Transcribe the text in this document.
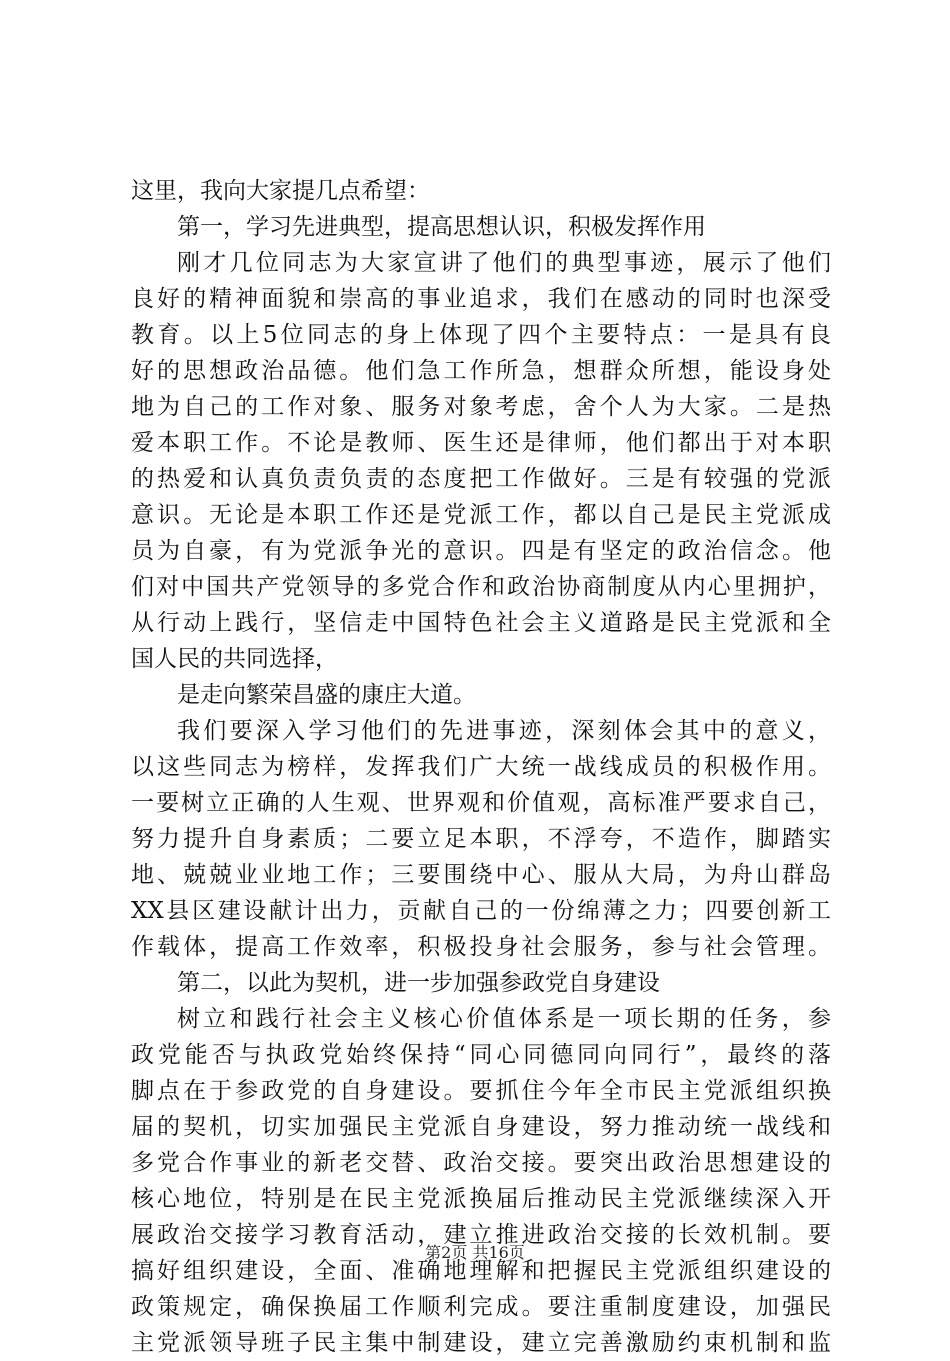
这里，我向大家提几点希望：
第一，学习先进典型，提高思想认识，积极发挥作用
刚才几位同志为大家宣讲了他们的典型事迹，展示了他们
良好的精神面貌和崇高的事业追求，我们在感动的同时也深受
教育。以上5位同志的身上体现了四个主要特点：一是具有良
好的思想政治品德。他们急工作所急，想群众所想，能设身处
地为自己的工作对象、服务对象考虑，舍个人为大家。二是热
爱本职工作。不论是教师、医生还是律师，他们都出于对本职
的热爱和认真负责负责的态度把工作做好。三是有较强的党派
意识。无论是本职工作还是党派工作，都以自己是民主党派成
员为自豪，有为党派争光的意识。四是有坚定的政治信念。他
们对中国共产党领导的多党合作和政治协商制度从内心里拥护，
从行动上践行，坚信走中国特色社会主义道路是民主党派和全
国人民的共同选择，
是走向繁荣昌盛的康庄大道。
我们要深入学习他们的先进事迹，深刻体会其中的意义，
以这些同志为榜样，发挥我们广大统一战线成员的积极作用。
一要树立正确的人生观、世界观和价值观，高标准严要求自己，
努力提升自身素质；二要立足本职，不浮夸，不造作，脚踏实
地、兢兢业业地工作；三要围绕中心、服从大局，为舟山群岛
XX县区建设献计出力，贡献自己的一份绵薄之力；四要创新工
作载体，提高工作效率，积极投身社会服务，参与社会管理。
第二，以此为契机，进一步加强参政党自身建设
树立和践行社会主义核心价值体系是一项长期的任务，参
政党能否与执政党始终保持“同心同德同向同行”，最终的落
脚点在于参政党的自身建设。要抓住今年全市民主党派组织换
届的契机，切实加强民主党派自身建设，努力推动统一战线和
多党合作事业的新老交替、政治交接。要突出政治思想建设的
核心地位，特别是在民主党派换届后推动民主党派继续深入开
展政治交接学习教育活动，建立推进政治交接的长效机制。要
搞好组织建设，全面、准确地理解和把握民主党派组织建设的
政策规定，确保换届工作顺利完成。要注重制度建设，加强民
主党派领导班子民主集中制建设，建立完善激励约束机制和监
第2页 共16页
